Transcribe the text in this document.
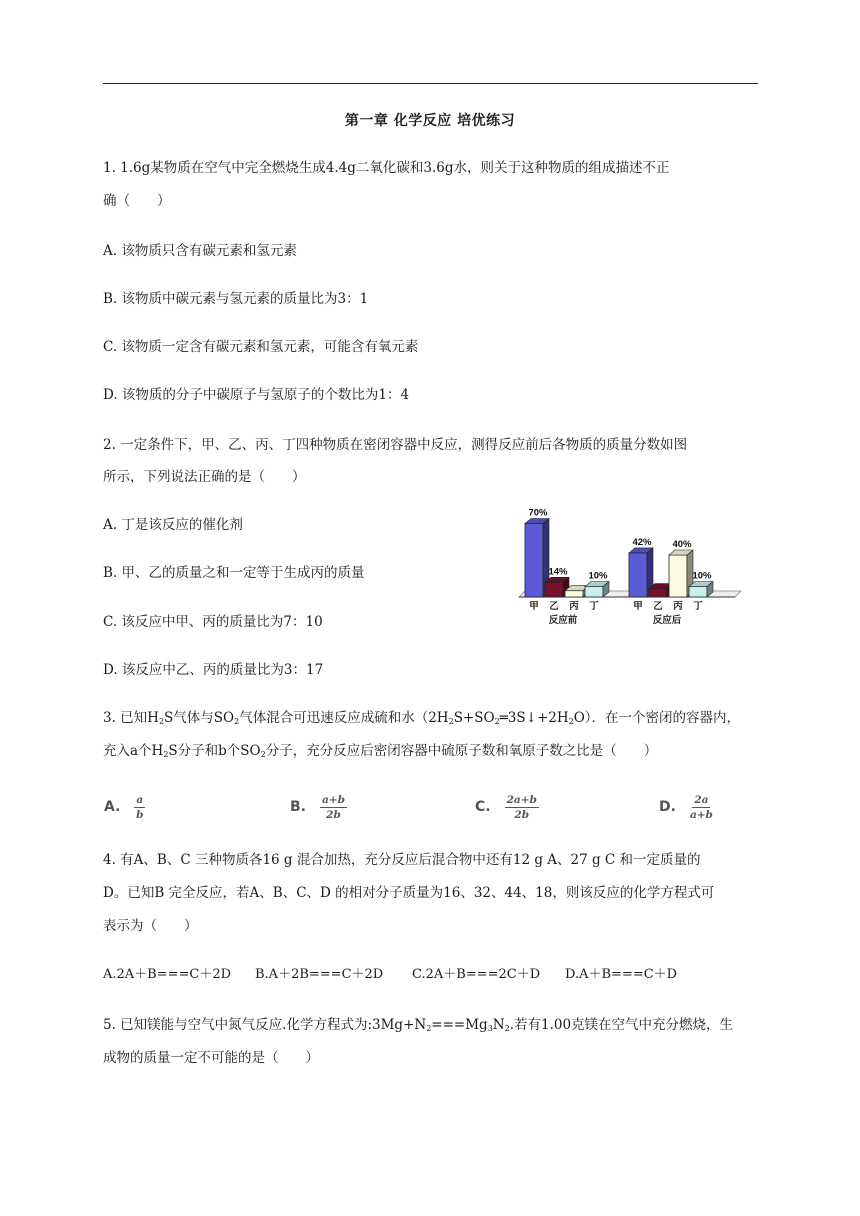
第一章 化学反应 培优练习
1. 1.6g某物质在空气中完全燃烧生成4.4g二氧化碳和3.6g水，则关于这种物质的组成描述不正
确（　　）
A. 该物质只含有碳元素和氢元素
B. 该物质中碳元素与氢元素的质量比为3：1
C. 该物质一定含有碳元素和氢元素，可能含有氧元素
D. 该物质的分子中碳原子与氢原子的个数比为1：4
2. 一定条件下，甲、乙、丙、丁四种物质在密闭容器中反应，测得反应前后各物质的质量分数如图
所示，下列说法正确的是（　　）
A. 丁是该反应的催化剂
B. 甲、乙的质量之和一定等于生成丙的质量
C. 该反应中甲、丙的质量比为7：10
D. 该反应中乙、丙的质量比为3：17
70%
甲
14%
乙 丙
10%
丁
反应前
42%
甲 乙
40%
丙
10%
丁
反应后
3. 已知$H_2S$气体与$SO_2$气体混合可迅速反应成硫和水$(2H_2S+SO_2═3S↓+2H_2O)$．在一个密闭的容器内，
充入a个$H_2S$分子和b个$SO_2$分子，充分反应后密闭容器中硫原子数和氧原子数之比是（　　）
A. $\frac{a}{b}$	B. $\frac{a+b}{2b}$	C. $\frac{2a+b}{2b}$	D. $\frac{2a}{a+b}$
4. 有A、B、C 三种物质各16 g 混合加热，充分反应后混合物中还有12 g A、27 g C 和一定质量的
D。已知B 完全反应，若A、B、C、D 的相对分子质量为16、32、44、18，则该反应的化学方程式可
表示为（　　）
A.2A＋B===C＋2D B.A＋2B===C＋2D C.2A＋B===2C＋D D.A＋B===C＋D
5. 已知镁能与空气中氮气反应.化学方程式为$:3Mg+N_2===Mg_3N_2$.若有1.00克镁在空气中充分燃烧，生
成物的质量一定不可能的是（　　）
